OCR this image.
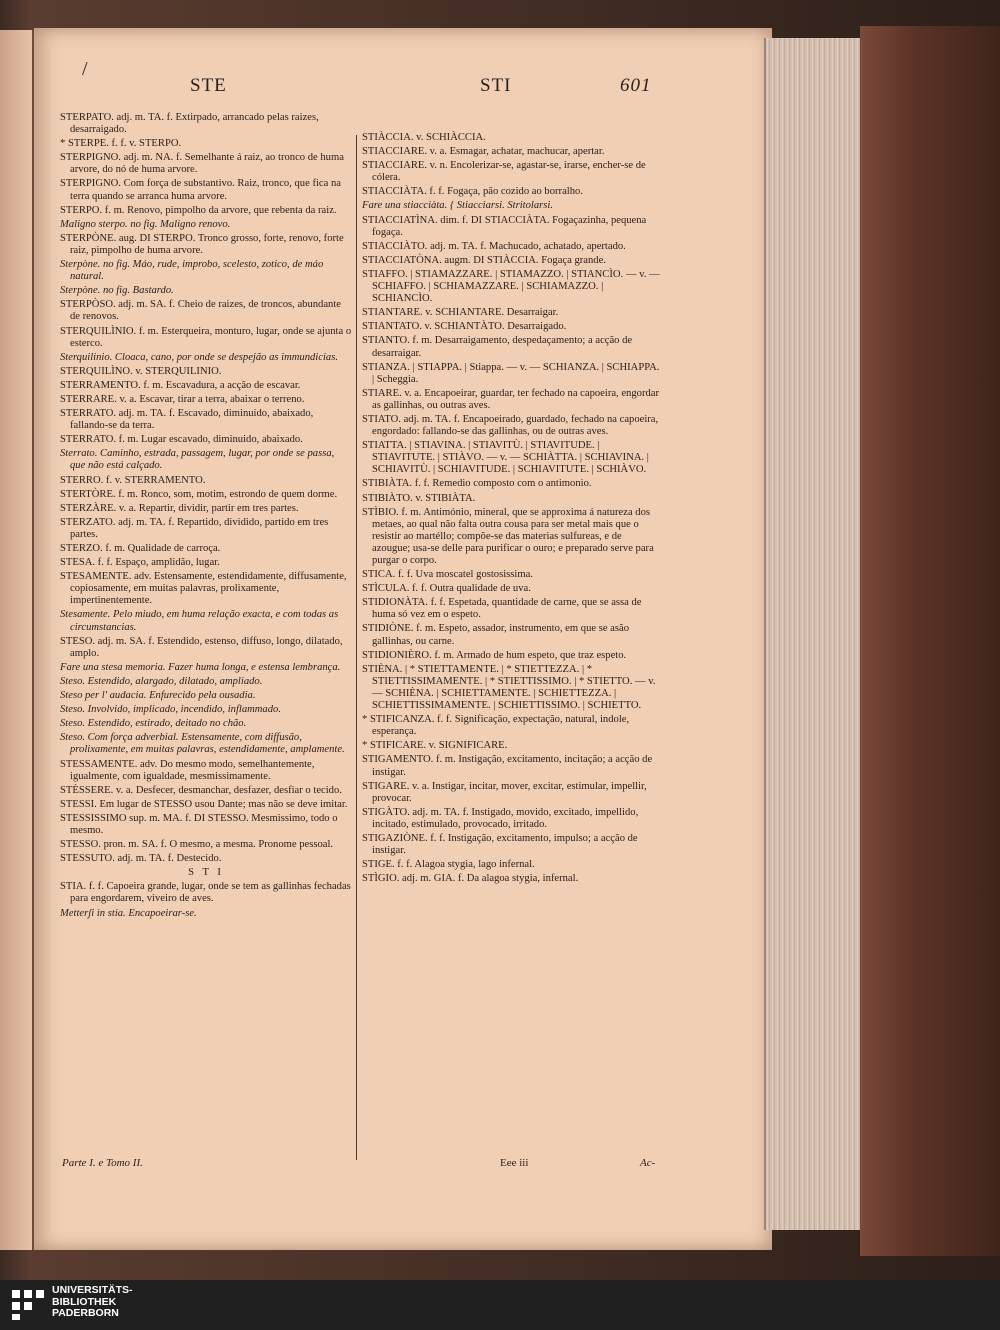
/
STE	STI	601

STERPATO. adj. m. TA. f. Extirpado, arrancado pelas raizes, desarraigado.

* STERPE. f. f. v. STERPO.

STERPIGNO. adj. m. NA. f. Semelhante á raiz, ao tronco de huma arvore, do nó de huma arvore.

STERPIGNO. Com força de substantivo. Raiz, tronco, que fica na terra quando se arranca huma arvore.

STERPO. f. m. Renovo, pimpolho da arvore, que rebenta da raiz.

Maligno sterpo. no fig. Maligno renovo.

STERPÒNE. aug. DI STERPO. Tronco grosso, forte, renovo, forte raiz, pimpolho de huma arvore.

Sterpòne. no fig. Máo, rude, improbo, scelesto, zotico, de máo natural.

Sterpòne. no fig. Bastardo.

STERPÒSO. adj. m. SA. f. Cheio de raizes, de troncos, abundante de renovos.

STERQUILÌNIO. f. m. Esterqueira, monturo, lugar, onde se ajunta o esterco.

Sterquilinio. Cloaca, cano, por onde se despejão as immundicias.

STERQUILÌNO. v. STERQUILINIO.

STERRAMENTO. f. m. Escavadura, a acção de escavar.

STERRARE. v. a. Escavar, tirar a terra, abaixar o terreno.

STERRATO. adj. m. TA. f. Escavado, diminuido, abaixado, fallando-se da terra.

STERRATO. f. m. Lugar escavado, diminuido, abaixado.

Sterrato. Caminho, estrada, passagem, lugar, por onde se passa, que não está calçado.

STERRO. f. v. STERRAMENTO.

STERTÒRE. f. m. Ronco, som, motim, estrondo de quem dorme.

STERZÀRE. v. a. Repartir, dividir, partir em tres partes.

STERZATO. adj. m. TA. f. Repartido, dividido, partido em tres partes.

STERZO. f. m. Qualidade de carroça.

STESA. f. f. Espaço, amplidão, lugar.

STESAMENTE. adv. Estensamente, estendidamente, diffusamente, copiosamente, em muitas palavras, prolixamente, impertinentemente.

Stesamente. Pelo miudo, em huma relação exacta, e com todas as circumstancias.

STESO. adj. m. SA. f. Estendido, estenso, diffuso, longo, dilatado, amplo.

Fare una stesa memoria. Fazer huma longa, e estensa lembrança.

Steso. Estendido, alargado, dilatado, ampliado.

Steso per l' audacia. Enfurecido pela ousadia.

Steso. Involvido, implicado, incendido, inflammado.

Steso. Estendido, estirado, deitado no chão.

Steso. Com força adverbial. Estensamente, com diffusão, prolixamente, em muitas palavras, estendidamente, amplamente.

STESSAMENTE. adv. Do mesmo modo, semelhantemente, igualmente, com igualdade, mesmissimamente.

STÈSSERE. v. a. Desfecer, desmanchar, desfazer, desfiar o tecido.

STESSI. Em lugar de STESSO usou Dante; mas não se deve imitar.

STESSISSIMO sup. m. MA. f. DI STESSO. Mesmissimo, todo o mesmo.

STESSO. pron. m. SA. f. O mesmo, a mesma. Pronome pessoal.

STESSUTO. adj. m. TA. f. Destecido.

S T I

STIA. f. f. Capoeira grande, lugar, onde se tem as gallinhas fechadas para engordarem, viveiro de aves.

Metterʃi in stia. Encapoeirar-se.

STIÀCCIA. v. SCHIÀCCIA.

STIACCIARE. v. a. Esmagar, achatar, machucar, apertar.

STIACCIARE. v. n. Encolerizar-se, agastar-se, irarse, encher-se de cólera.

STIACCIÀTA. f. f. Fogaça, pão cozido ao borralho.

Fare una stiacciàta. { Stiacciarsi. Stritolarsi.

STIACCIATÌNA. dim. f. DI STIACCIÀTA. Fogaçazinha, pequena fogaça.

STIACCIÀTO. adj. m. TA. f. Machucado, achatado, apertado.

STIACCIATÒNA. augm. DI STIÀCCIA. Fogaça grande.

STIAFFO. | STIAMAZZARE. | STIAMAZZO. | STIANCÌO. — v. — SCHIAFFO. | SCHIAMAZZARE. | SCHIAMAZZO. | SCHIANCÌO.

STIANTARE. v. SCHIANTARE. Desarraigar.

STIANTATO. v. SCHIANTÀTO. Desarraigado.

STIANTO. f. m. Desarraigamento, despedaçamento; a acção de desarraigar.

STIANZA. | STIAPPA. | Stiappa. — v. — SCHIANZA. | SCHIAPPA. | Scheggia.

STIARE. v. a. Encapoeirar, guardar, ter fechado na capoeira, engordar as gallinhas, ou outras aves.

STIATO. adj. m. TA. f. Encapoeirado, guardado, fechado na capoeira, engordado: fallando-se das gallinhas, ou de outras aves.

STIATTA. | STIAVINA. | STIAVITÙ. | STIAVITUDE. | STIAVITUTE. | STIÀVO. — v. — SCHIÀTTA. | SCHIAVINA. | SCHIAVITÙ. | SCHIAVITUDE. | SCHIAVITUTE. | SCHIÀVO.

STIBIÀTA. f. f. Remedio composto com o antimonio.

STIBIÀTO. v. STIBIÀTA.

STÌBIO. f. m. Antimónio, mineral, que se approxima á natureza dos metaes, ao qual não falta outra cousa para ser metal mais que o resistir ao martéllo; compõe-se das materias sulfureas, e de azougue; usa-se delle para purificar o ouro; e preparado serve para purgar o corpo.

STICA. f. f. Uva moscatel gostosissima.

STÌCULA. f. f. Outra qualidade de uva.

STIDIONÀTA. f. f. Espetada, quantidade de carne, que se assa de huma só vez em o espeto.

STIDIÒNE. f. m. Espeto, assador, instrumento, em que se asão gallinhas, ou carne.

STIDIONIÈRO. f. m. Armado de hum espeto, que traz espeto.

STIÈNA. | * STIETTAMENTE. | * STIETTEZZA. | * STIETTISSIMAMENTE. | * STIETTISSIMO. | * STIETTO. — v. — SCHIÈNA. | SCHIETTAMENTE. | SCHIETTEZZA. | SCHIETTISSIMAMENTE. | SCHIETTISSIMO. | SCHIETTO.

* STIFICANZA. f. f. Significação, expectação, natural, indole, esperança.

* STIFICARE. v. SIGNIFICARE.

STIGAMENTO. f. m. Instigação, excitamento, incitação; a acção de instigar.

STIGARE. v. a. Instigar, incitar, mover, excitar, estimular, impellir, provocar.

STIGÀTO. adj. m. TA. f. Instigado, movido, excitado, impellido, incitado, estimulado, provocado, irritado.

STIGAZIÒNE. f. f. Instigação, excitamento, impulso; a acção de instigar.

STIGE. f. f. Alagoa stygia, lago infernal.

STÌGIO. adj. m. GIA. f. Da alagoa stygia, infernal.

Parte I. e Tomo II.	Eee iii	Ac-
UNIVERSITÄTS-
BIBLIOTHEK
PADERBORN
